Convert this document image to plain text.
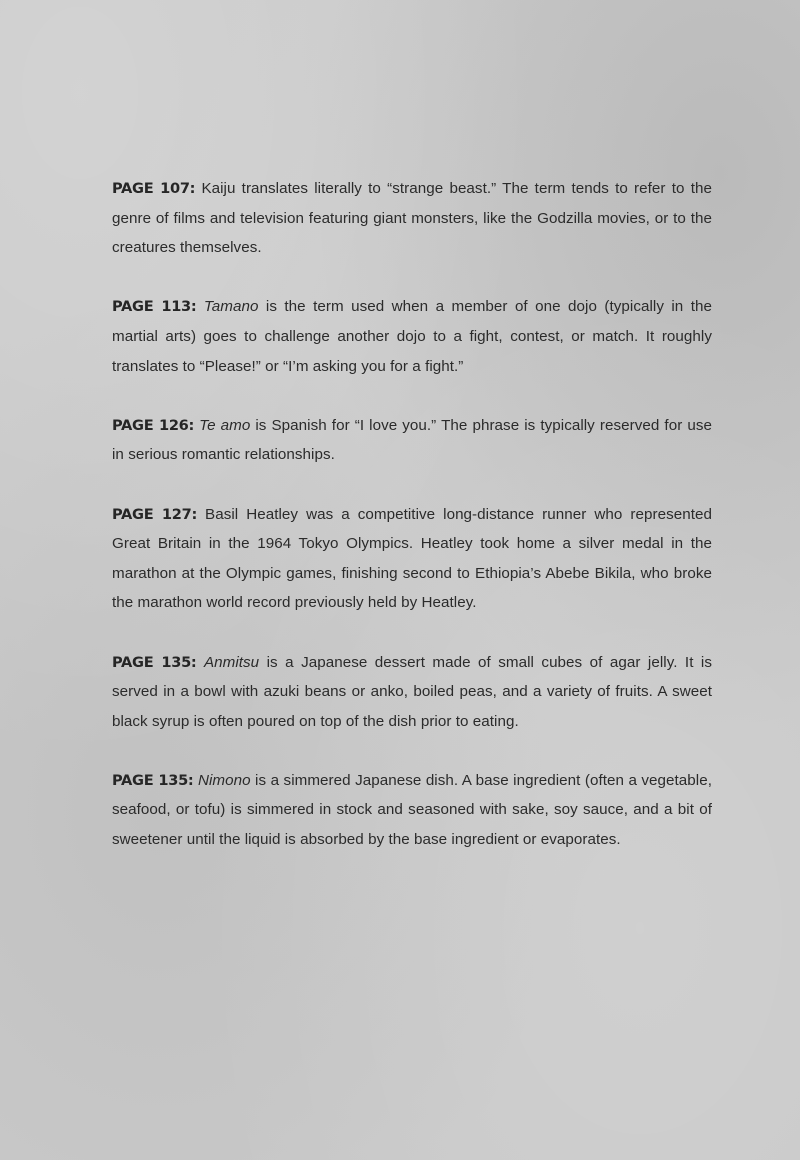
PAGE 107: Kaiju translates literally to “strange beast.” The term tends to refer to the genre of films and television featuring giant monsters, like the Godzilla movies, or to the creatures themselves.

PAGE 113: Tamano is the term used when a member of one dojo (typically in the martial arts) goes to challenge another dojo to a fight, contest, or match. It roughly translates to “Please!” or “I’m asking you for a fight.”

PAGE 126: Te amo is Spanish for “I love you.” The phrase is typically reserved for use in serious romantic relationships.

PAGE 127: Basil Heatley was a competitive long-distance runner who represented Great Britain in the 1964 Tokyo Olympics. Heatley took home a silver medal in the marathon at the Olympic games, finishing second to Ethiopia’s Abebe Bikila, who broke the marathon world record previously held by Heatley.

PAGE 135: Anmitsu is a Japanese dessert made of small cubes of agar jelly. It is served in a bowl with azuki beans or anko, boiled peas, and a variety of fruits. A sweet black syrup is often poured on top of the dish prior to eating.

PAGE 135: Nimono is a simmered Japanese dish. A base ingredient (often a vegetable, seafood, or tofu) is simmered in stock and seasoned with sake, soy sauce, and a bit of sweetener until the liquid is absorbed by the base ingredient or evaporates.
